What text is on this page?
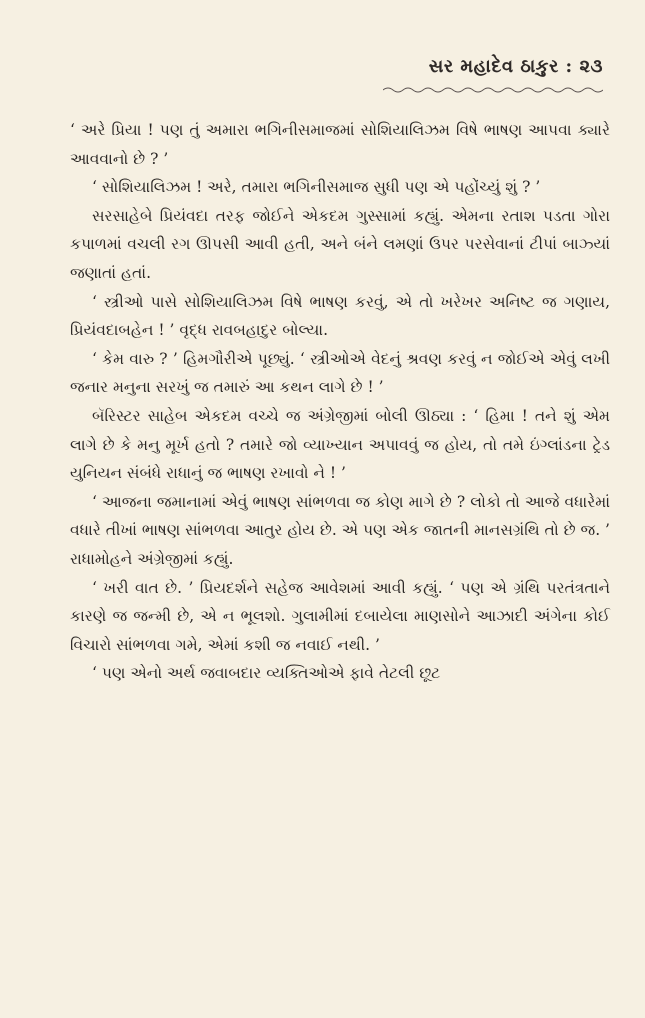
સર મહાદેવ ઠાકુર : ૨૩

‘ અરે પ્રિયા ! પણ તું અમારા ભગિનીસમાજમાં સોશિયાલિઝમ વિષે ભાષણ આપવા ક્યારે આવવાનો છે ? ’

‘ સોશિયાલિઝમ ! અરે, તમારા ભગિનીસમાજ સુધી પણ એ પહોંચ્યું શું ? ’

સરસાહેબે પ્રિયંવદા તરફ જોઈને એકદમ ગુસ્સામાં કહ્યું. એમના રતાશ પડતા ગોરા કપાળમાં વચલી રગ ઊપસી આવી હતી, અને બંને લમણાં ઉપર પરસેવાનાં ટીપાં બાઝ્યાં જણાતાં હતાં.

‘ સ્ત્રીઓ પાસે સોશિયાલિઝમ વિષે ભાષણ કરવું, એ તો ખરેખર અનિષ્ટ જ ગણાય, પ્રિયંવદાબહેન ! ’ વૃદ્ધ રાવબહાદુર બોલ્યા.

‘ કેમ વારુ ? ’ હિમગૌરીએ પૂછ્યું. ‘ સ્ત્રીઓએ વેદનું શ્રવણ કરવું ન જોઈએ એવું લખી જનાર મનુના સરખું જ તમારું આ કથન લાગે છે ! ’

બૅરિસ્ટર સાહેબ એકદમ વચ્ચે જ અંગ્રેજીમાં બોલી ઊઠ્યા : ‘ હિમા ! તને શું એમ લાગે છે કે મનુ મૂર્ખ હતો ? તમારે જો વ્યાખ્યાન અપાવવું જ હોય, તો તમે ઇંગ્લાંડના ટ્રેડ યુનિયન સંબંધે રાધાનું જ ભાષણ રખાવો ને ! ’

‘ આજના જમાનામાં એવું ભાષણ સાંભળવા જ કોણ માગે છે ? લોકો તો આજે વધારેમાં વધારે તીખાં ભાષણ સાંભળવા આતુર હોય છે. એ પણ એક જાતની માનસગ્રંથિ તો છે જ. ’ રાધામોહને અંગ્રેજીમાં કહ્યું.

‘ ખરી વાત છે. ’ પ્રિયદર્શને સહેજ આવેશમાં આવી કહ્યું. ‘ પણ એ ગ્રંથિ પરતંત્રતાને કારણે જ જન્મી છે, એ ન ભૂલશો. ગુલામીમાં દબાયેલા માણસોને આઝાદી અંગેના કોઈ વિચારો સાંભળવા ગમે, એમાં કશી જ નવાઈ નથી. ’

‘ પણ એનો અર્થ જવાબદાર વ્યક્તિઓએ ફાવે તેટલી છૂટ
